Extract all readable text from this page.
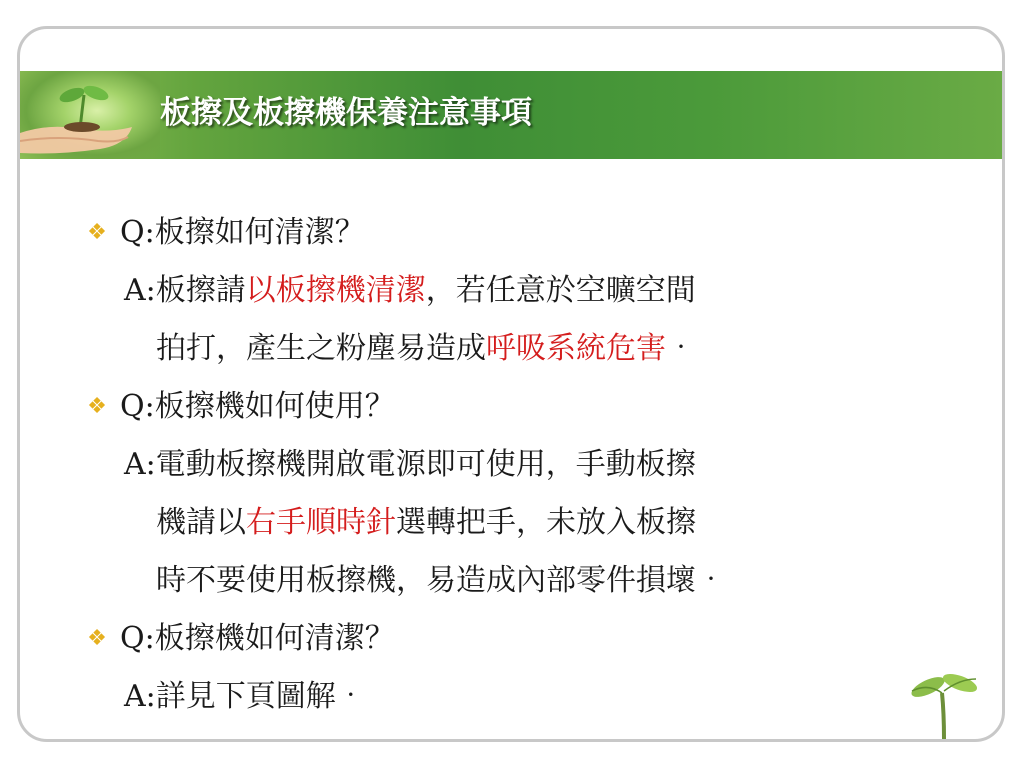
板擦及板擦機保養注意事項
❖ Q:板擦如何清潔？
A:板擦請以板擦機清潔，若任意於空曠空間
拍打，產生之粉塵易造成呼吸系統危害‧
❖ Q:板擦機如何使用？
A:電動板擦機開啟電源即可使用，手動板擦
機請以右手順時針選轉把手，未放入板擦
時不要使用板擦機，易造成內部零件損壞‧
❖ Q:板擦機如何清潔？
A:詳見下頁圖解‧
